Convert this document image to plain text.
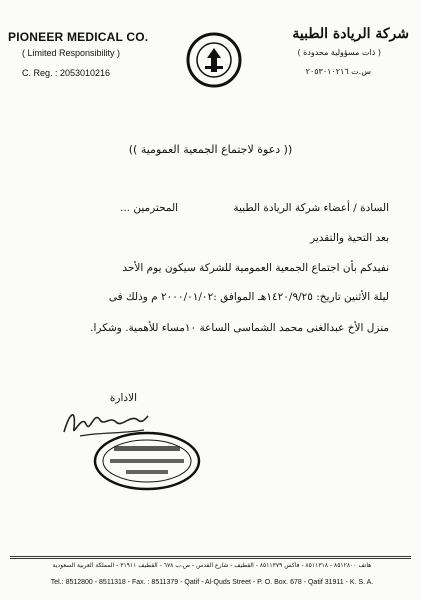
PIONEER MEDICAL CO.
( Limited Responsibility )
C. Reg. : 2053010216
شركة الريادة الطبية
( ذات مسؤولية محدودة )
س.ت ٢٠٥٣٠١٠٢١٦
(( دعوة لاجتماع الجمعية العمومية ))
السادة / أعضاء شركة الريادة الطبية
المحترمين ...
بعد التحية والتقدير
نفيدكم بأن اجتماع الجمعية العمومية للشركة سيكون يوم الأحد
ليلة الأثنين تاريخ: ١٤٢٠/٩/٢٥هـ الموافق :٢٠٠٠/٠١/٠٢ م وذلك فى
منزل الأخ عبدالغنى محمد الشماسى الساعة ١٠مساء للأهمية. وشكرا.
الادارة
هاتف ٨٥١٢٨٠٠ - ٨٥١١٣١٨ - فاكس ٨٥١١٣٧٩ - القطيف - شارع القدس - ص.ب ٦٧٨ - القطيف ٣١٩١١ - المملكة العربية السعودية
Tel.: 8512800 - 8511318 - Fax. : 8511379 - Qatif - Al-Quds Street - P. O. Box. 678 - Qatif 31911 - K. S. A.
